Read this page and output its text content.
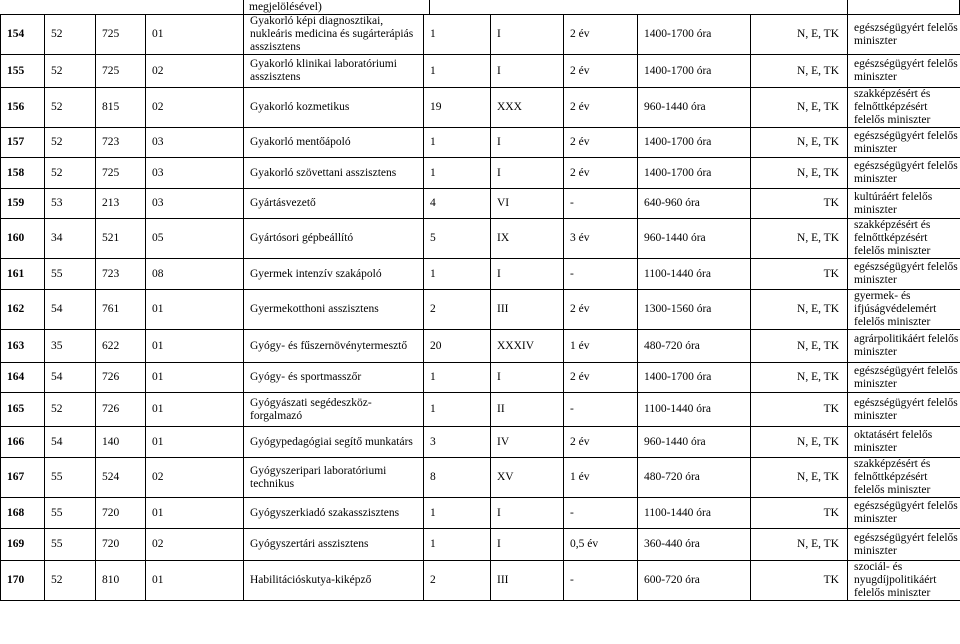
megjelölésével)
154	52	725	01	Gyakorló képi diagnosztikai, nukleáris medicina és sugárterápiás asszisztens	1	I	2 év	1400-1700 óra	N, E, TK	egészségügyért felelős miniszter
155	52	725	02	Gyakorló klinikai laboratóriumi asszisztens	1	I	2 év	1400-1700 óra	N, E, TK	egészségügyért felelős miniszter
156	52	815	02	Gyakorló kozmetikus	19	XXX	2 év	960-1440 óra	N, E, TK	szakképzésért és felnőttképzésért felelős miniszter
157	52	723	03	Gyakorló mentőápoló	1	I	2 év	1400-1700 óra	N, E, TK	egészségügyért felelős miniszter
158	52	725	03	Gyakorló szövettani asszisztens	1	I	2 év	1400-1700 óra	N, E, TK	egészségügyért felelős miniszter
159	53	213	03	Gyártásvezető	4	VI	-	640-960 óra	TK	kultúráért felelős miniszter
160	34	521	05	Gyártósori gépbeállító	5	IX	3 év	960-1440 óra	N, E, TK	szakképzésért és felnőttképzésért felelős miniszter
161	55	723	08	Gyermek intenzív szakápoló	1	I	-	1100-1440 óra	TK	egészségügyért felelős miniszter
162	54	761	01	Gyermekotthoni asszisztens	2	III	2 év	1300-1560 óra	N, E, TK	gyermek- és ifjúságvédelemért felelős miniszter
163	35	622	01	Gyógy- és fűszernövénytermesztő	20	XXXIV	1 év	480-720 óra	N, E, TK	agrárpolitikáért felelős miniszter
164	54	726	01	Gyógy- és sportmasszőr	1	I	2 év	1400-1700 óra	N, E, TK	egészségügyért felelős miniszter
165	52	726	01	Gyógyászati segédeszköz-forgalmazó	1	II	-	1100-1440 óra	TK	egészségügyért felelős miniszter
166	54	140	01	Gyógypedagógiai segítő munkatárs	3	IV	2 év	960-1440 óra	N, E, TK	oktatásért felelős miniszter
167	55	524	02	Gyógyszeripari laboratóriumi technikus	8	XV	1 év	480-720 óra	N, E, TK	szakképzésért és felnőttképzésért felelős miniszter
168	55	720	01	Gyógyszerkiadó szakasszisztens	1	I	-	1100-1440 óra	TK	egészségügyért felelős miniszter
169	55	720	02	Gyógyszertári asszisztens	1	I	0,5 év	360-440 óra	N, E, TK	egészségügyért felelős miniszter
170	52	810	01	Habilitációskutya-kiképző	2	III	-	600-720 óra	TK	szociál- és nyugdíjpolitikáért felelős miniszter
